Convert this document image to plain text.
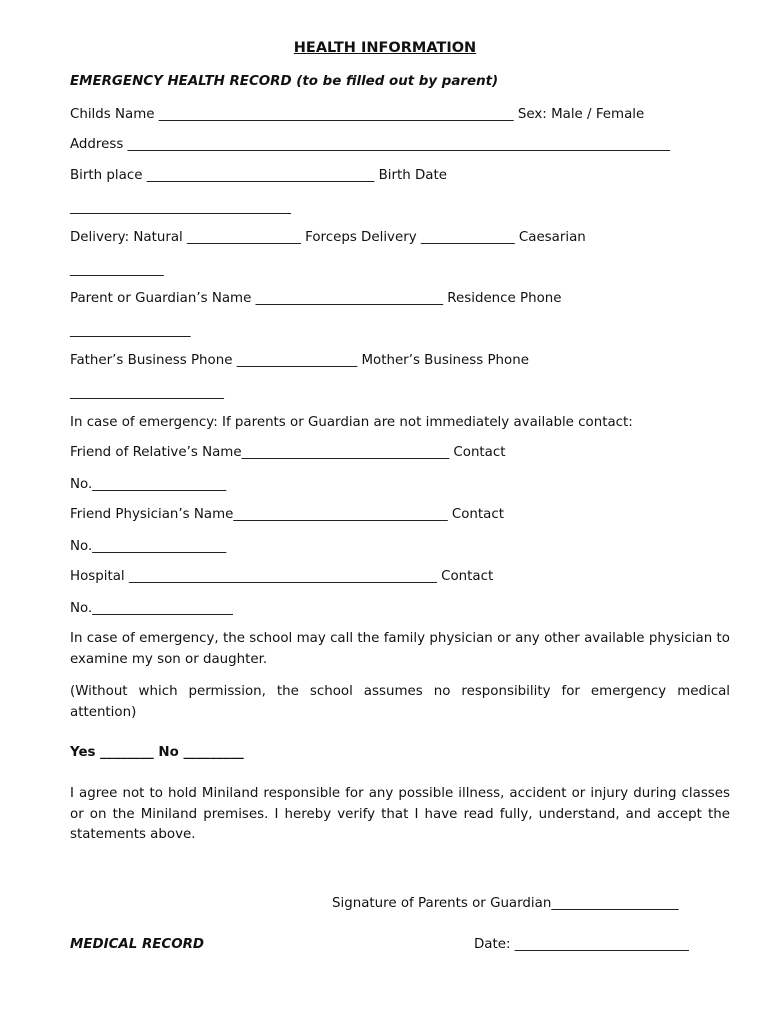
HEALTH INFORMATION
EMERGENCY HEALTH RECORD (to be filled out by parent)
Childs Name _____________________________________________________ Sex: Male / Female
Address _________________________________________________________________________________
Birth place __________________________________ Birth Date
_________________________________
Delivery: Natural _________________ Forceps Delivery ______________ Caesarian
______________
Parent or Guardian’s Name ____________________________ Residence Phone
__________________
Father’s Business Phone __________________ Mother’s Business Phone
_______________________
In case of emergency: If parents or Guardian are not immediately available contact:
Friend of Relative’s Name_______________________________ Contact
No.____________________
Friend Physician’s Name________________________________ Contact
No.____________________
Hospital ______________________________________________ Contact
No._____________________
In case of emergency, the school may call the family physician or any other available physician to examine my son or daughter.
(Without which permission, the school assumes no responsibility for emergency medical attention)
Yes ________ No _________
I agree not to hold Miniland responsible for any possible illness, accident or injury during classes or on the Miniland premises. I hereby verify that I have read fully, understand, and accept the statements above.
Signature of Parents or Guardian___________________
MEDICAL RECORD	Date: __________________________
